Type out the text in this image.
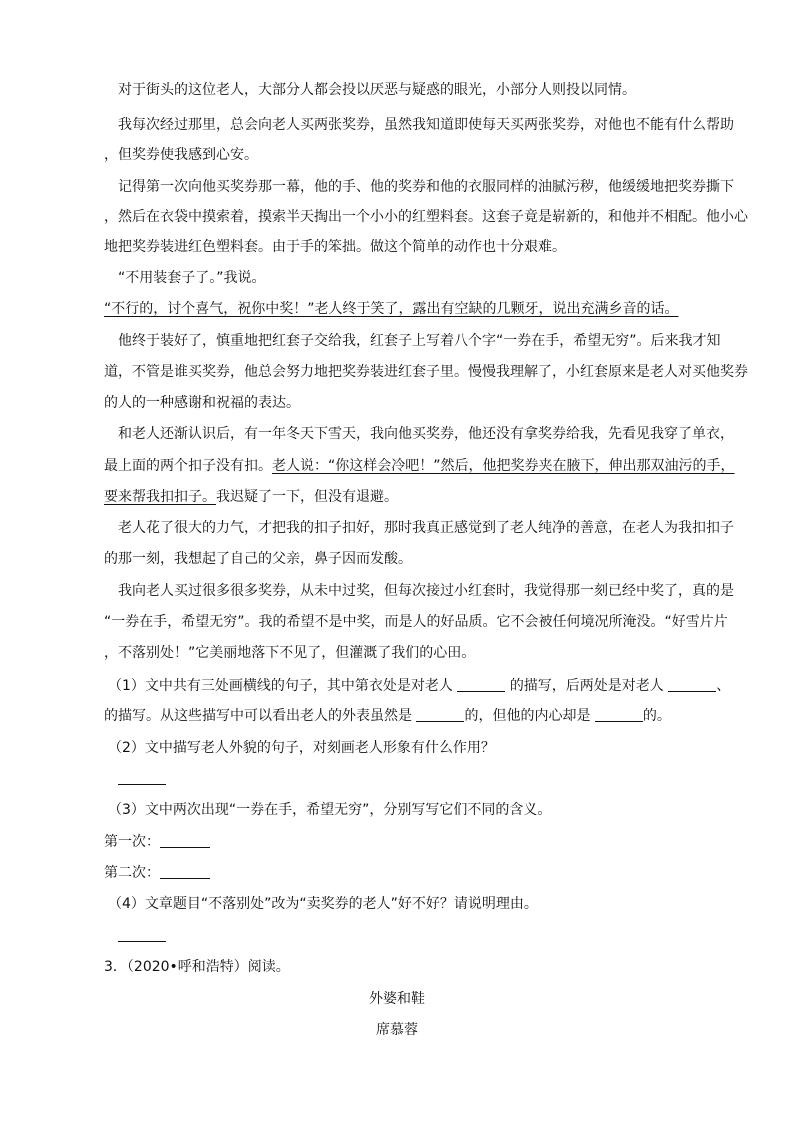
对于街头的这位老人，大部分人都会投以厌恶与疑惑的眼光，小部分人则投以同情。
我每次经过那里，总会向老人买两张奖券，虽然我知道即使每天买两张奖券，对他也不能有什么帮助
，但奖券使我感到心安。
记得第一次向他买奖券那一幕，他的手、他的奖券和他的衣服同样的油腻污秽，他缓缓地把奖券撕下
，然后在衣袋中摸索着，摸索半天掏出一个小小的红塑料套。这套子竟是崭新的，和他并不相配。他小心
地把奖券装进红色塑料套。由于手的笨拙。做这个简单的动作也十分艰难。
“不用装套子了。”我说。
“不行的，讨个喜气，祝你中奖！”老人终于笑了，露出有空缺的几颗牙，说出充满乡音的话。
他终于装好了，慎重地把红套子交给我，红套子上写着八个字“一券在手，希望无穷”。后来我才知
道，不管是谁买奖券，他总会努力地把奖券装进红套子里。慢慢我理解了，小红套原来是老人对买他奖券
的人的一种感谢和祝福的表达。
和老人还渐认识后，有一年冬天下雪天，我向他买奖券，他还没有拿奖券给我，先看见我穿了单衣，
最上面的两个扣子没有扣。老人说：“你这样会冷吧！”然后，他把奖券夹在腋下，伸出那双油污的手，
要来帮我扣扣子。我迟疑了一下，但没有退避。
老人花了很大的力气，才把我的扣子扣好，那时我真正感觉到了老人纯净的善意，在老人为我扣扣子
的那一刻，我想起了自己的父亲，鼻子因而发酸。
我向老人买过很多很多奖券，从未中过奖，但每次接过小红套时，我觉得那一刻已经中奖了，真的是
“一券在手，希望无穷”。我的希望不是中奖，而是人的好品质。它不会被任何境况所淹没。“好雪片片
，不落别处！”它美丽地落下不见了，但灌溉了我们的心田。
（1）文中共有三处画横线的句子，其中第衣处是对老人	的描写，后两处是对老人	、
的描写。从这些描写中可以看出老人的外表虽然是	的，但他的内心却是	的。
（2）文中描写老人外貌的句子，对刻画老人形象有什么作用？
（3）文中两次出现“一券在手，希望无穷”，分别写写它们不同的含义。
第一次：
第二次：
（4）文章题目“不落别处”改为“卖奖券的老人”好不好？请说明理由。
3．（2020•呼和浩特）阅读。
外婆和鞋
席慕蓉
